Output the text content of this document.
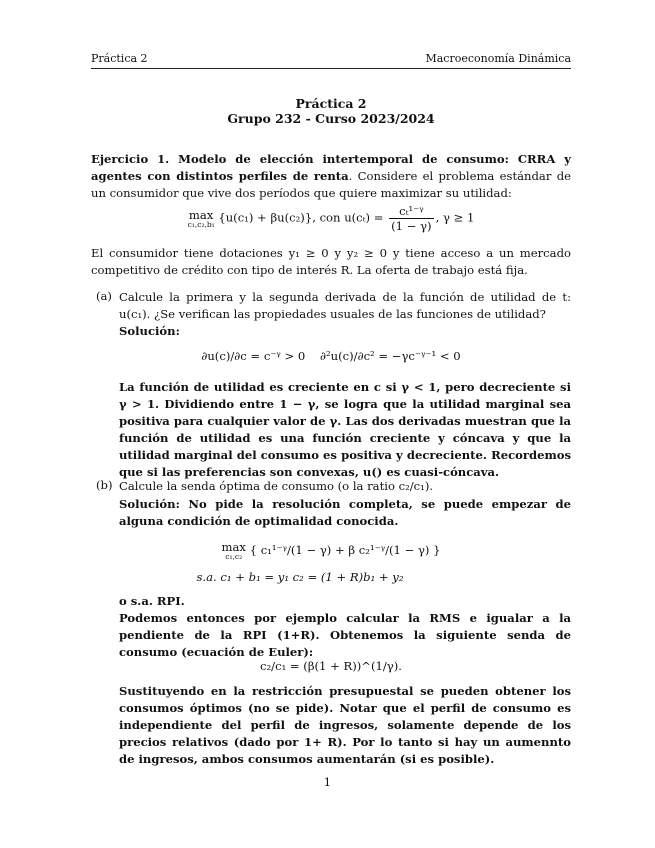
Práctica 2	Macroeconomía Dinámica
Práctica 2
Grupo 232 - Curso 2023/2024

Ejercicio 1. Modelo de elección intertemporal de consumo: CRRA y agentes con distintos perfiles de renta. Considere el problema estándar de un consumidor que vive dos períodos que quiere maximizar su utilidad:

max
c₁,c₂,b₁ {u(c₁) + βu(c₂)}, con $u(c_t) = \frac{\text{cₜ¹⁻ᵞ}}{(1 - \gamma)}$ , γ ≥ 1

El consumidor tiene dotaciones y₁ ≥ 0 y y₂ ≥ 0 y tiene acceso a un mercado competitivo de crédito con tipo de interés R. La oferta de trabajo está fija.

(a) Calcule la primera y la segunda derivada de la función de utilidad de t: u(c₁). ¿Se verifican las propiedades usuales de las funciones de utilidad?

Solución:

∂u(c)/∂c = c⁻ᵞ > 0 ∂²u(c)/∂c² = −γc⁻ᵞ⁻¹ < 0

La función de utilidad es creciente en c si γ < 1, pero decreciente si γ > 1. Dividiendo entre 1 − γ, se logra que la utilidad marginal sea positiva para cualquier valor de γ. Las dos derivadas muestran que la función de utilidad es una función creciente y cóncava y que la utilidad marginal del consumo es positiva y decreciente. Recordemos que si las preferencias son convexas, u() es cuasi-cóncava.

(b) Calcule la senda óptima de consumo (o la ratio c₂/c₁).

Solución: No pide la resolución completa, se puede empezar de alguna condición de optimalidad conocida.

max
c₁,c₂ { c₁¹⁻ᵞ/(1 − γ) + β c₂¹⁻ᵞ/(1 − γ) }
s.a. c₁ + b₁ = y₁ c₂ = (1 + R)b₁ + y₂

o s.a. RPI.

Podemos entonces por ejemplo calcular la RMS e igualar a la pendiente de la RPI (1+R). Obtenemos la siguiente senda de consumo (ecuación de Euler):

c₂/c₁ = (β(1 + R))^(1/γ).

Sustituyendo en la restricción presupuestal se pueden obtener los consumos óptimos (no se pide). Notar que el perfil de consumo es independiente del perfil de ingresos, solamente depende de los precios relativos (dado por 1+ R). Por lo tanto si hay un aumennto de ingresos, ambos consumos aumentarán (si es posible).

1
